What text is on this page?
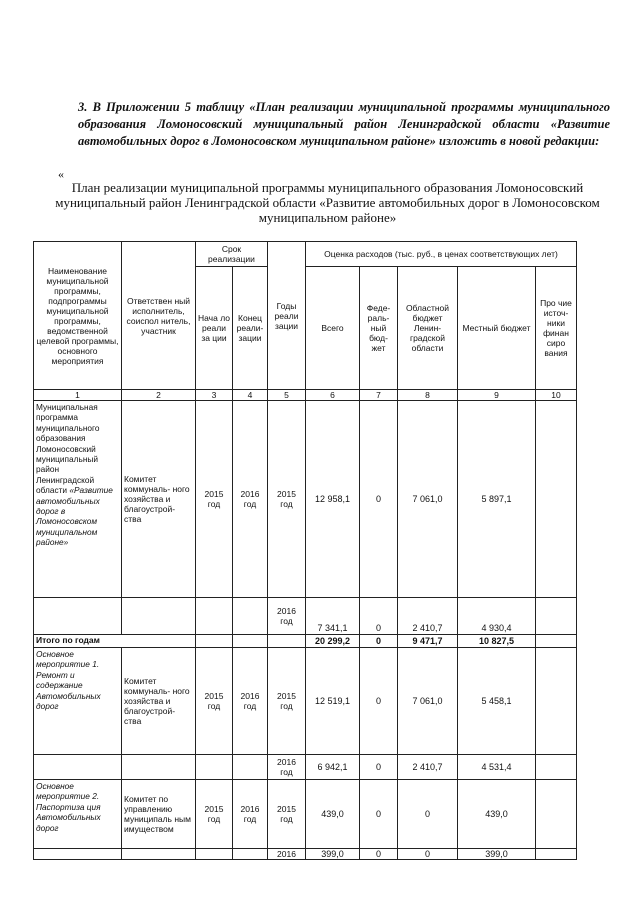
3. В Приложении 5 таблицу «План реализации муниципальной программы муниципального образования Ломоносовский муниципальный район Ленинградской области «Развитие автомобильных дорог в Ломоносовском муниципальном районе» изложить в новой редакции:
«
План реализации муниципальной программы муниципального образования Ломоносовский муниципальный район Ленинградской области «Развитие автомобильных дорог в Ломоносовском муниципальном районе»
Наименование муниципальной программы, подпрограммы муниципальной программы, ведомственной целевой программы, основного мероприятия	Ответствен ный исполнитель, соиспол нитель, участник	Срок реализации		Годы реали зации	Оценка расходов (тыс. руб., в ценах соответствующих лет)				
		Нача ло реали за ции	Конец реали- зации		Всего	Феде- раль- ный бюд- жет	Областной бюджет Ленин- градской области	Местный бюджет	Про чие источ- ники финан сиро вания
1	2	3	4	5	6	7	8	9	10
Муниципальная программа муниципального образования Ломоносовский муниципальный район Ленинградской области «Развитие автомобильных дорог в Ломоносовском муниципальном районе»	Комитет коммуналь- ного хозяйства и благоустрой- ства	2015 год	2016 год	2015 год	12 958,1	0	7 061,0	5 897,1	
				2016 год	7 341,1	0	2 410,7	4 930,4	
Итого по годам					20 299,2	0	9 471,7	10 827,5	
Основное мероприятие 1. Ремонт и содержание Автомобильных дорог	Комитет коммуналь- ного хозяйства и благоустрой- ства	2015 год	2016 год	2015 год	12 519,1	0	7 061,0	5 458,1	
				2016 год	6 942,1	0	2 410,7	4 531,4	
Основное мероприятие 2. Паспортиза ция Автомобильных дорог	Комитет по управлению муниципаль ным имуществом	2015 год	2016 год	2015 год	439,0	0	0	439,0	
				2016	399,0	0	0	399,0	
